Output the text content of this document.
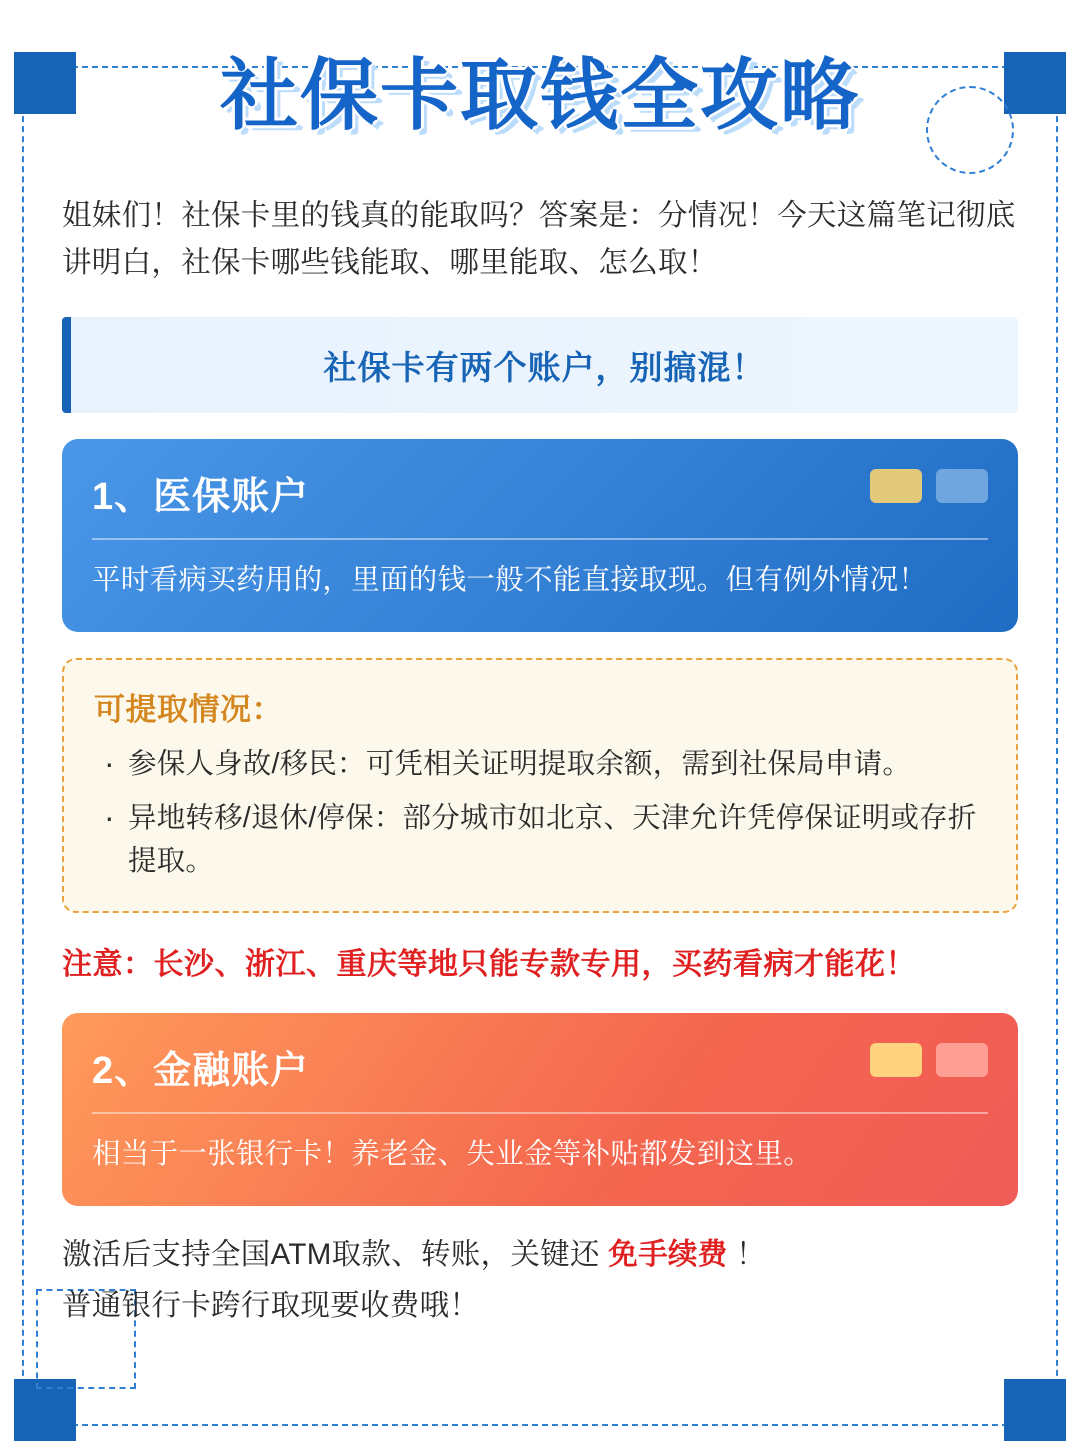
社保卡取钱全攻略

姐妹们！社保卡里的钱真的能取吗？答案是：分情况！今天这篇笔记彻底讲明白，社保卡哪些钱能取、哪里能取、怎么取！

社保卡有两个账户，别搞混！
1、医保账户
平时看病买药用的，里面的钱一般不能直接取现。但有例外情况！
可提取情况：
· 参保人身故/移民：可凭相关证明提取余额，需到社保局申请。
· 异地转移/退休/停保：部分城市如北京、天津允许凭停保证明或存折提取。

注意：长沙、浙江、重庆等地只能专款专用，买药看病才能花！

2、金融账户
相当于一张银行卡！养老金、失业金等补贴都发到这里。
激活后支持全国ATM取款、转账，关键还 免手续费 ！
普通银行卡跨行取现要收费哦！
